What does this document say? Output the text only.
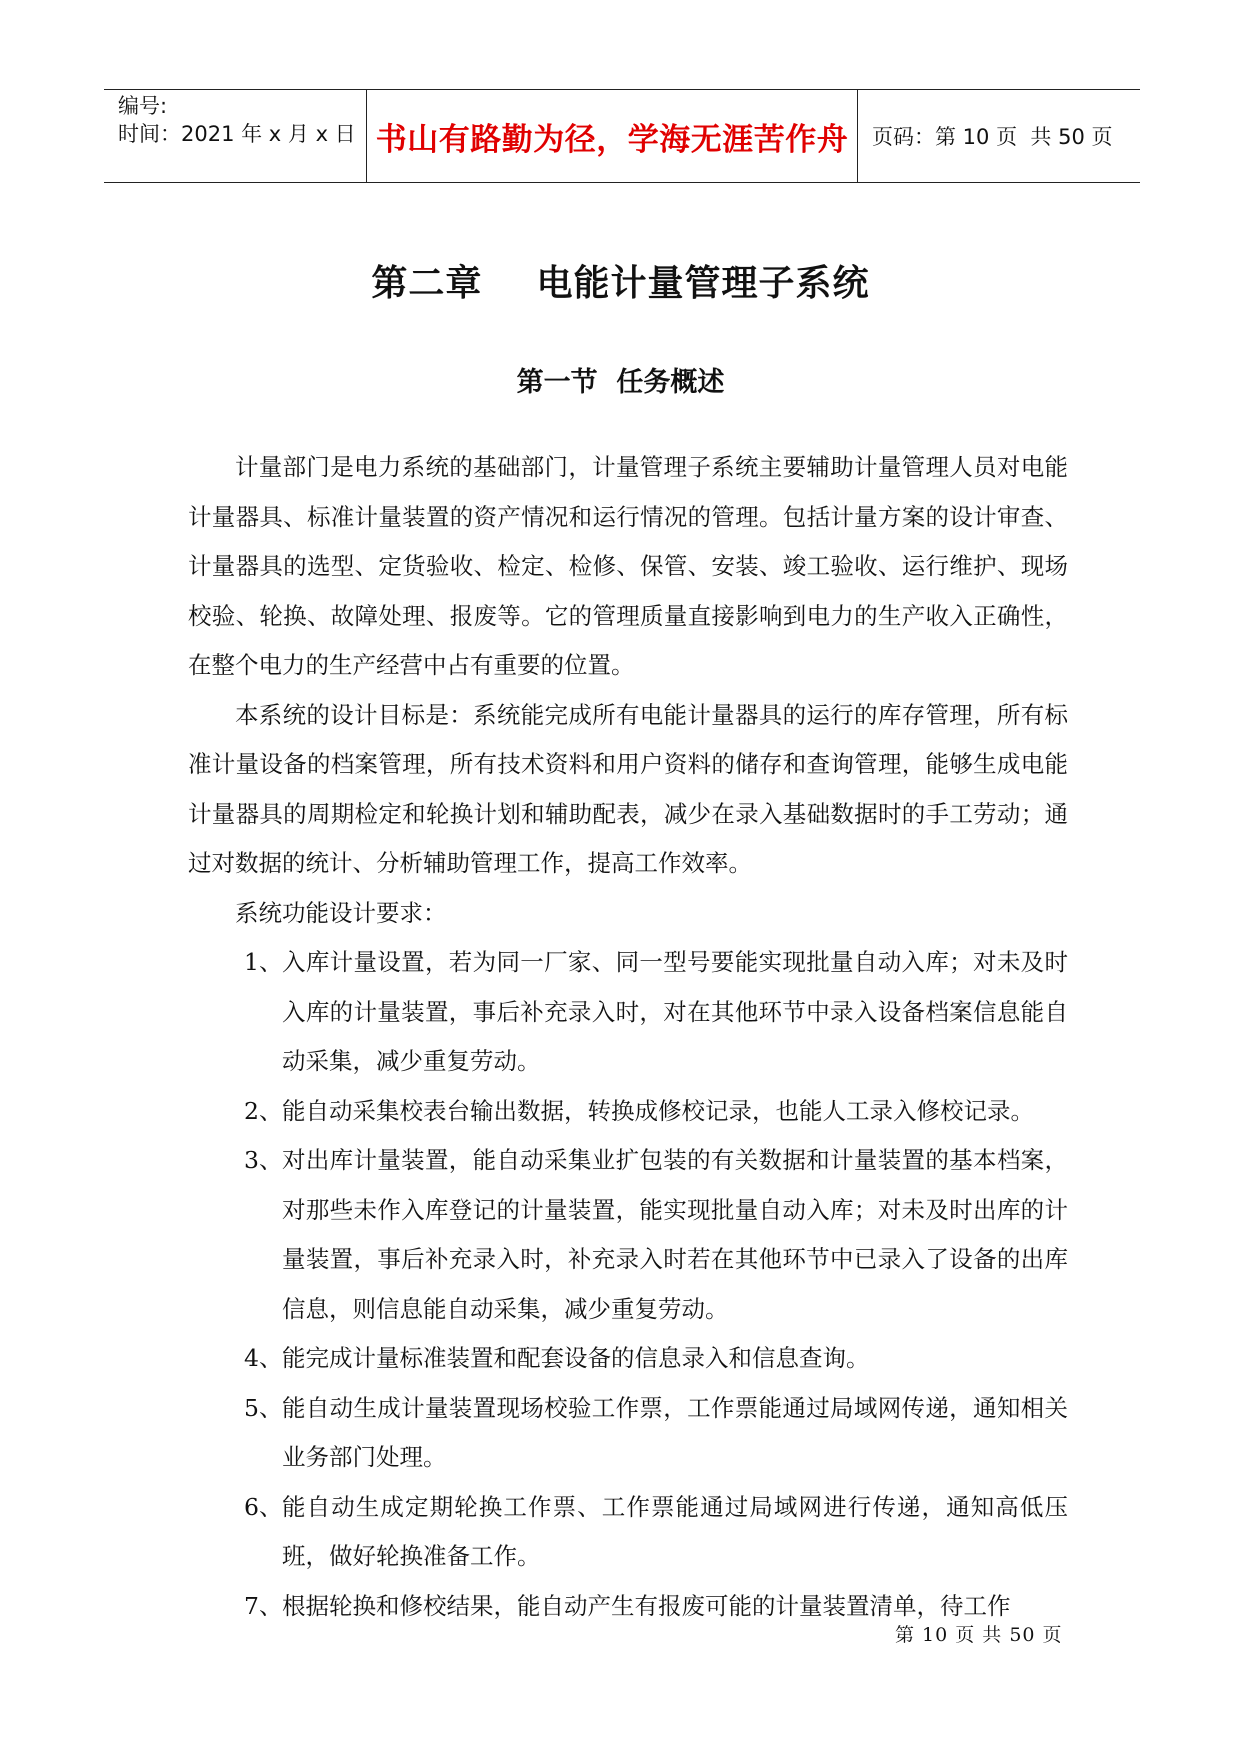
编号:
时间：2021 年 x 月 x 日 书山有路勤为径，学海无涯苦作舟 页码：第 10 页  共 50 页
第二章    电能计量管理子系统
第一节  任务概述

计量部门是电力系统的基础部门，计量管理子系统主要辅助计量管理人员对电能计量器具、标准计量装置的资产情况和运行情况的管理。包括计量方案的设计审查、计量器具的选型、定货验收、检定、检修、保管、安装、竣工验收、运行维护、现场校验、轮换、故障处理、报废等。它的管理质量直接影响到电力的生产收入正确性，在整个电力的生产经营中占有重要的位置。

本系统的设计目标是：系统能完成所有电能计量器具的运行的库存管理，所有标准计量设备的档案管理，所有技术资料和用户资料的储存和查询管理，能够生成电能计量器具的周期检定和轮换计划和辅助配表，减少在录入基础数据时的手工劳动；通过对数据的统计、分析辅助管理工作，提高工作效率。

系统功能设计要求：

1、 入库计量设置，若为同一厂家、同一型号要能实现批量自动入库；对未及时入库的计量装置，事后补充录入时，对在其他环节中录入设备档案信息能自动采集，减少重复劳动。
2、 能自动采集校表台输出数据，转换成修校记录，也能人工录入修校记录。
3、 对出库计量装置，能自动采集业扩包装的有关数据和计量装置的基本档案，对那些未作入库登记的计量装置，能实现批量自动入库；对未及时出库的计量装置，事后补充录入时，补充录入时若在其他环节中已录入了设备的出库信息，则信息能自动采集，减少重复劳动。
4、 能完成计量标准装置和配套设备的信息录入和信息查询。
5、 能自动生成计量装置现场校验工作票，工作票能通过局域网传递，通知相关业务部门处理。
6、 能自动生成定期轮换工作票、工作票能通过局域网进行传递，通知高低压班，做好轮换准备工作。
7、 根据轮换和修校结果，能自动产生有报废可能的计量装置清单，待工作
第 10 页 共 50 页
